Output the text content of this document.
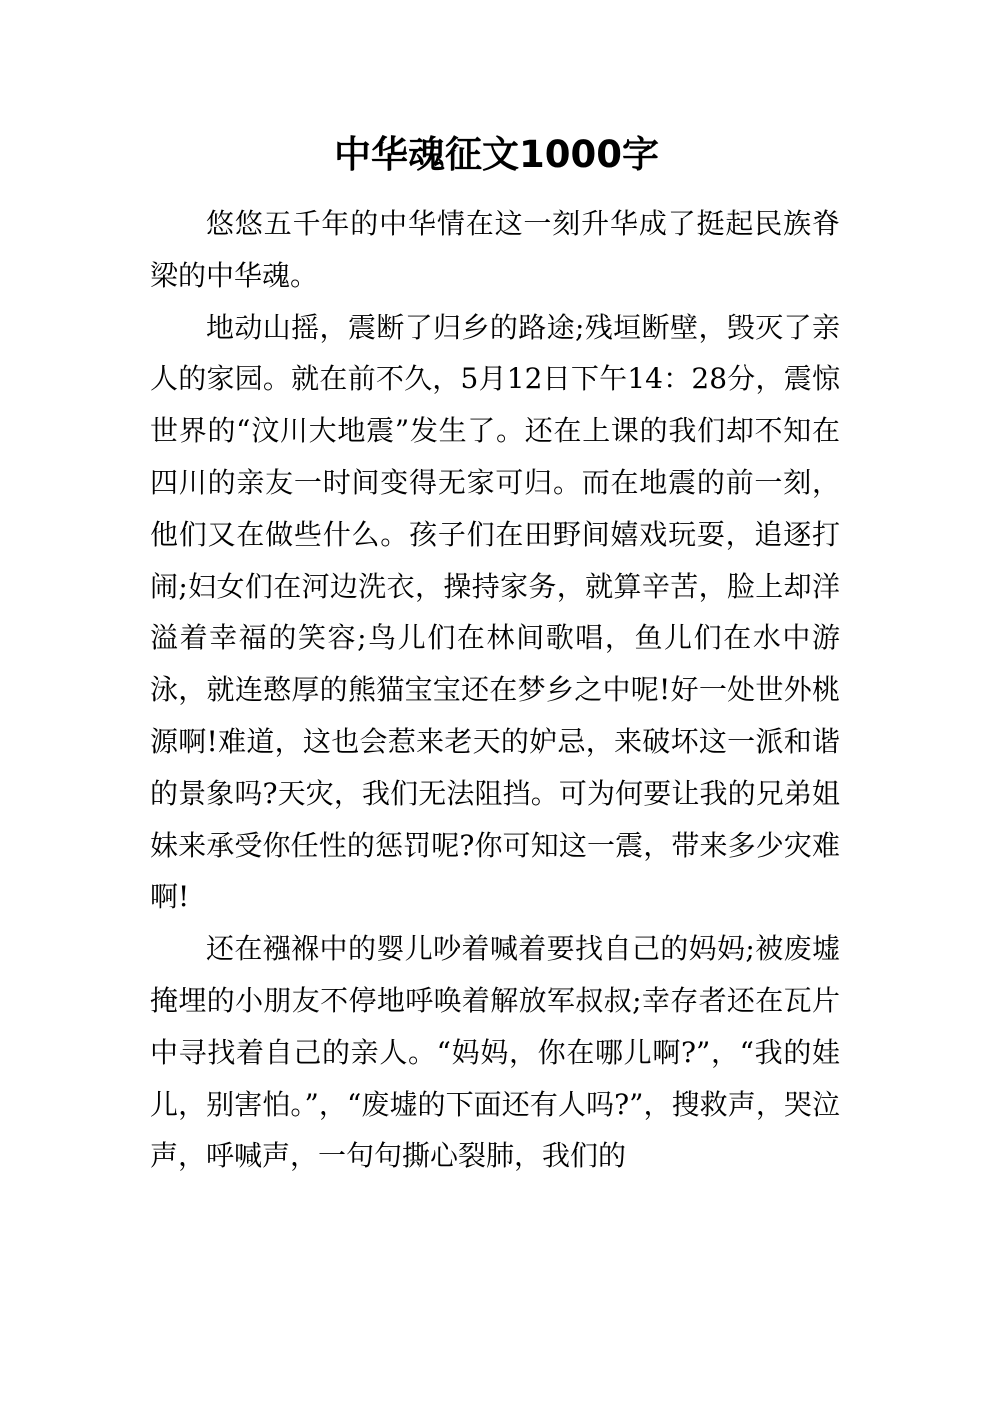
中华魂征文1000字

悠悠五千年的中华情在这一刻升华成了挺起民族脊梁的中华魂。

地动山摇，震断了归乡的路途;残垣断壁，毁灭了亲人的家园。就在前不久，5月12日下午14：28分，震惊世界的“汶川大地震”发生了。还在上课的我们却不知在四川的亲友一时间变得无家可归。而在地震的前一刻，他们又在做些什么。孩子们在田野间嬉戏玩耍，追逐打闹;妇女们在河边洗衣，操持家务，就算辛苦，脸上却洋溢着幸福的笑容;鸟儿们在林间歌唱，鱼儿们在水中游泳，就连憨厚的熊猫宝宝还在梦乡之中呢!好一处世外桃源啊!难道，这也会惹来老天的妒忌，来破坏这一派和谐的景象吗?天灾，我们无法阻挡。可为何要让我的兄弟姐妹来承受你任性的惩罚呢?你可知这一震，带来多少灾难啊!

还在襁褓中的婴儿吵着喊着要找自己的妈妈;被废墟掩埋的小朋友不停地呼唤着解放军叔叔;幸存者还在瓦片中寻找着自己的亲人。“妈妈，你在哪儿啊?”，“我的娃儿，别害怕。”，“废墟的下面还有人吗?”，搜救声，哭泣声，呼喊声，一句句撕心裂肺，我们的
